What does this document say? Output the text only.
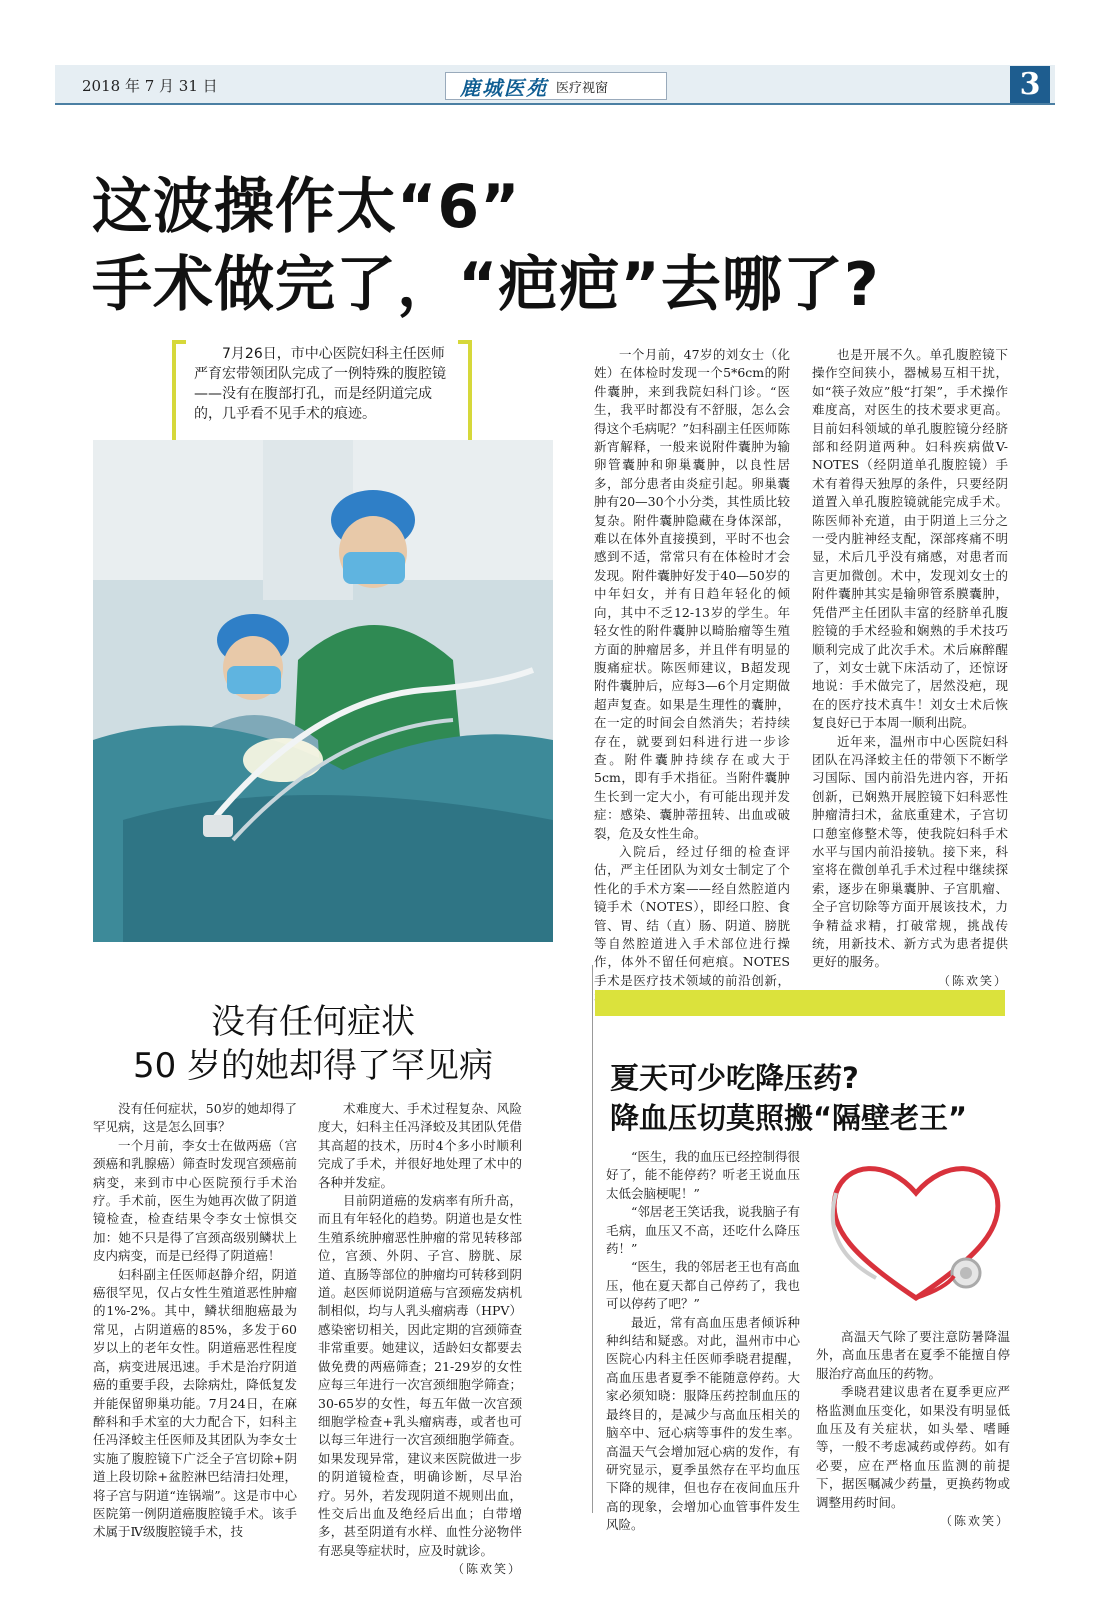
2018 年 7 月 31 日	鹿城医苑 医疗视窗	3
这波操作太“6”
手术做完了，“疤疤”去哪了?
7月26日，市中心医院妇科主任医师严育宏带领团队完成了一例特殊的腹腔镜——没有在腹部打孔，而是经阴道完成的，几乎看不见手术的痕迹。

一个月前，47岁的刘女士（化姓）在体检时发现一个5*6cm的附件囊肿，来到我院妇科门诊。“医生，我平时都没有不舒服，怎么会得这个毛病呢？”妇科副主任医师陈新宵解释，一般来说附件囊肿为输卵管囊肿和卵巢囊肿，以良性居多，部分患者由炎症引起。卵巢囊肿有20—30个小分类，其性质比较复杂。附件囊肿隐藏在身体深部，难以在体外直接摸到，平时不也会感到不适，常常只有在体检时才会发现。附件囊肿好发于40—50岁的中年妇女，并有日趋年轻化的倾向，其中不乏12-13岁的学生。年轻女性的附件囊肿以畸胎瘤等生殖方面的肿瘤居多，并且伴有明显的腹痛症状。陈医师建议，B超发现附件囊肿后，应每3—6个月定期做超声复查。如果是生理性的囊肿，在一定的时间会自然消失；若持续存在，就要到妇科进行进一步诊查。附件囊肿持续存在或大于5cm，即有手术指征。当附件囊肿生长到一定大小，有可能出现并发症：感染、囊肿蒂扭转、出血或破裂，危及女性生命。

入院后，经过仔细的检查评估，严主任团队为刘女士制定了个性化的手术方案——经自然腔道内镜手术（NOTES），即经口腔、食管、胃、结（直）肠、阴道、膀胱等自然腔道进入手术部位进行操作，体外不留任何疤痕。NOTES手术是医疗技术领域的前沿创新，

也是开展不久。单孔腹腔镜下操作空间狭小，器械易互相干扰，如“筷子效应”般“打架”，手术操作难度高，对医生的技术要求更高。目前妇科领域的单孔腹腔镜分经脐部和经阴道两种。妇科疾病做V-NOTES（经阴道单孔腹腔镜）手术有着得天独厚的条件，只要经阴道置入单孔腹腔镜就能完成手术。陈医师补充道，由于阴道上三分之一受内脏神经支配，深部疼痛不明显，术后几乎没有痛感，对患者而言更加微创。术中，发现刘女士的附件囊肿其实是输卵管系膜囊肿，凭借严主任团队丰富的经脐单孔腹腔镜的手术经验和娴熟的手术技巧顺利完成了此次手术。术后麻醉醒了，刘女士就下床活动了，还惊讶地说：手术做完了，居然没疤，现在的医疗技术真牛！刘女士术后恢复良好已于本周一顺利出院。

近年来，温州市中心医院妇科团队在冯泽蛟主任的带领下不断学习国际、国内前沿先进内容，开拓创新，已娴熟开展腔镜下妇科恶性肿瘤清扫术，盆底重建术，子宫切口憩室修整术等，使我院妇科手术水平与国内前沿接轨。接下来，科室将在微创单孔手术过程中继续探索，逐步在卵巢囊肿、子宫肌瘤、全子宫切除等方面开展该技术，力争精益求精，打破常规，挑战传统，用新技术、新方式为患者提供更好的服务。

（陈欢笑）
没有任何症状
50 岁的她却得了罕见病

没有任何症状，50岁的她却得了罕见病，这是怎么回事？

一个月前，李女士在做两癌（宫颈癌和乳腺癌）筛查时发现宫颈癌前病变，来到市中心医院预行手术治疗。手术前，医生为她再次做了阴道镜检查，检查结果令李女士惊惧交加：她不只是得了宫颈高级别鳞状上皮内病变，而是已经得了阴道癌！

妇科副主任医师赵静介绍，阴道癌很罕见，仅占女性生殖道恶性肿瘤的1%-2%。其中，鳞状细胞癌最为常见，占阴道癌的85%，多发于60岁以上的老年女性。阴道癌恶性程度高，病变进展迅速。手术是治疗阴道癌的重要手段，去除病灶，降低复发并能保留卵巢功能。7月24日，在麻醉科和手术室的大力配合下，妇科主任冯泽蛟主任医师及其团队为李女士实施了腹腔镜下广泛全子宫切除+阴道上段切除+盆腔淋巴结清扫处理，将子宫与阴道“连锅端”。这是市中心医院第一例阴道癌腹腔镜手术。该手术属于Ⅳ级腹腔镜手术，技

术难度大、手术过程复杂、风险度大，妇科主任冯泽蛟及其团队凭借其高超的技术，历时4个多小时顺利完成了手术，并很好地处理了术中的各种并发症。

目前阴道癌的发病率有所升高，而且有年轻化的趋势。阴道也是女性生殖系统肿瘤恶性肿瘤的常见转移部位，宫颈、外阴、子宫、膀胱、尿道、直肠等部位的肿瘤均可转移到阴道。赵医师说阴道癌与宫颈癌发病机制相似，均与人乳头瘤病毒（HPV）感染密切相关，因此定期的宫颈筛查非常重要。她建议，适龄妇女都要去做免费的两癌筛查；21-29岁的女性应每三年进行一次宫颈细胞学筛查；30-65岁的女性，每五年做一次宫颈细胞学检查+乳头瘤病毒，或者也可以每三年进行一次宫颈细胞学筛查。如果发现异常，建议来医院做进一步的阴道镜检查，明确诊断，尽早治疗。另外，若发现阴道不规则出血，性交后出血及绝经后出血；白带增多，甚至阴道有水样、血性分泌物伴有恶臭等症状时，应及时就诊。

（陈欢笑）
夏天可少吃降压药?
降血压切莫照搬“隔壁老王”

“医生，我的血压已经控制得很好了，能不能停药？听老王说血压太低会脑梗呢！”

“邻居老王笑话我，说我脑子有毛病，血压又不高，还吃什么降压药！”

“医生，我的邻居老王也有高血压，他在夏天都自己停药了，我也可以停药了吧？”

最近，常有高血压患者倾诉种种纠结和疑惑。对此，温州市中心医院心内科主任医师季晓君提醒，高血压患者夏季不能随意停药。大家必须知晓：服降压药控制血压的最终目的，是减少与高血压相关的脑卒中、冠心病等事件的发生率。高温天气会增加冠心病的发作，有研究显示，夏季虽然存在平均血压下降的规律，但也存在夜间血压升高的现象，会增加心血管事件发生风险。

高温天气除了要注意防暑降温外，高血压患者在夏季不能擅自停服治疗高血压的药物。

季晓君建议患者在夏季更应严格监测血压变化，如果没有明显低血压及有关症状，如头晕、嗜睡等，一般不考虑减药或停药。如有必要，应在严格血压监测的前提下，据医嘱减少药量，更换药物或调整用药时间。

（陈欢笑）
